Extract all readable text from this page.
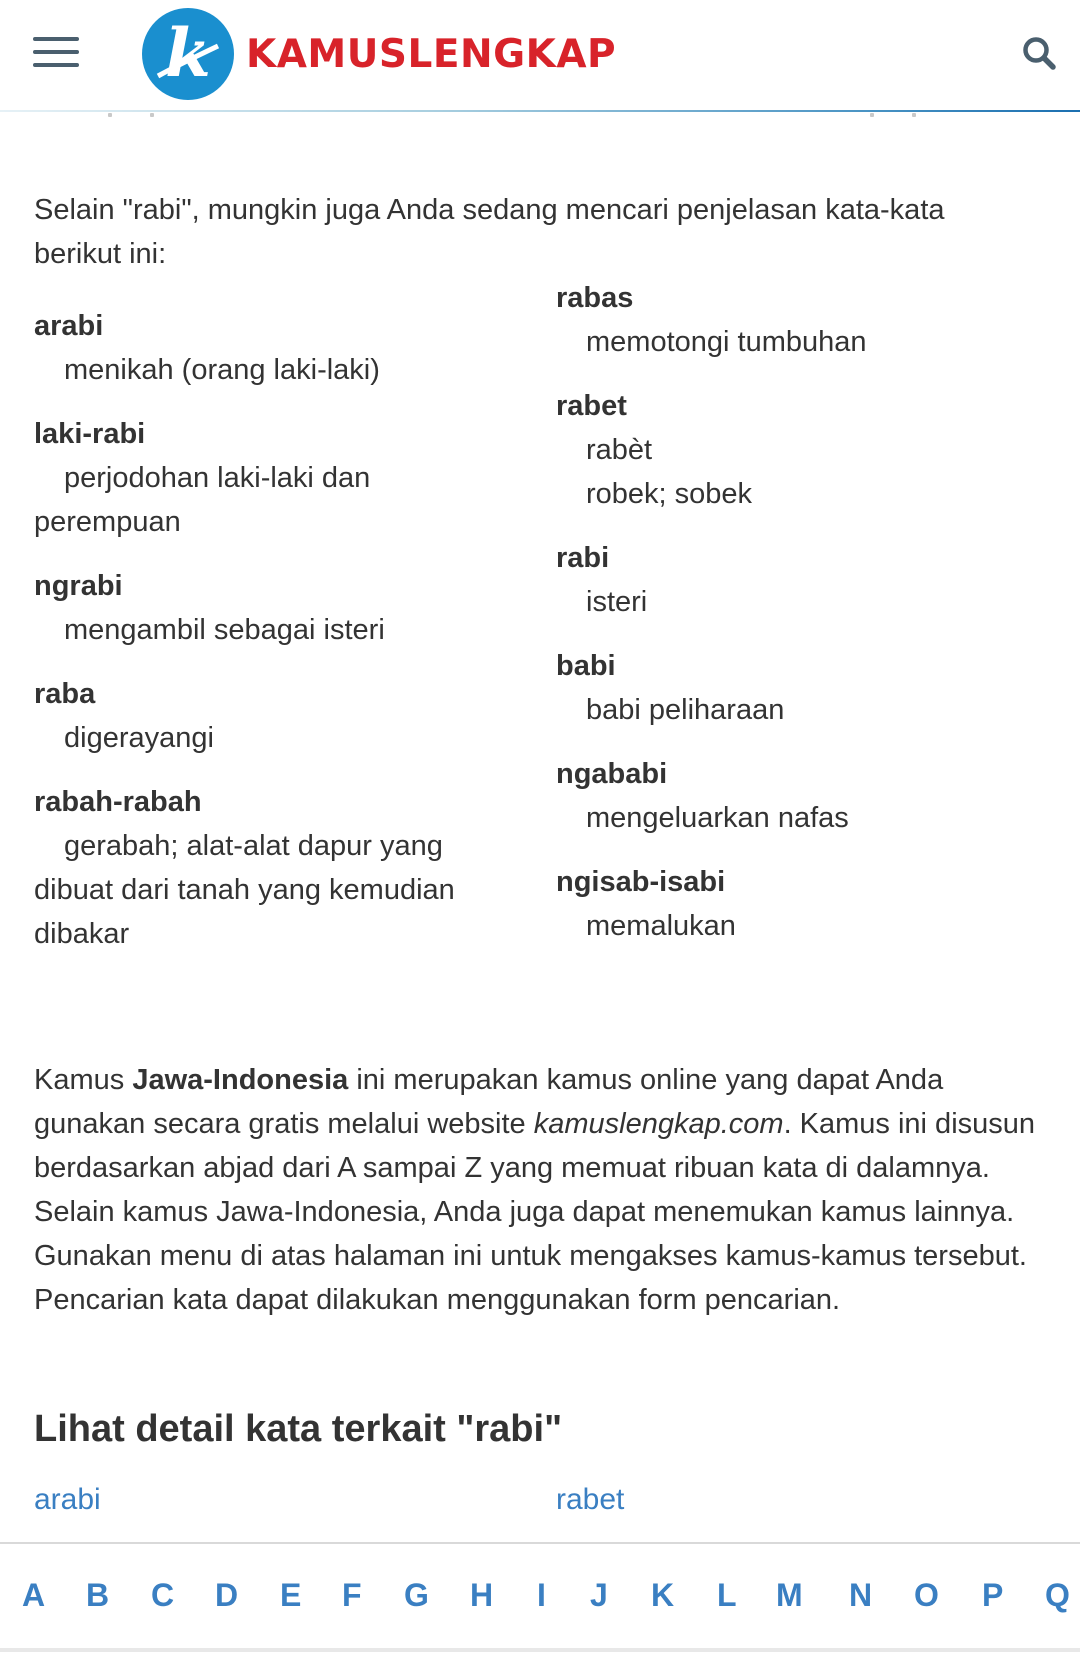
k KAMUSLENGKAP

Selain "rabi", mungkin juga Anda sedang mencari penjelasan kata-kata berikut ini:

arabi
menikah (orang laki-laki)
laki-rabi
perjodohan laki-laki dan perempuan
ngrabi
mengambil sebagai isteri
raba
digerayangi
rabah-rabah
gerabah; alat-alat dapur yang dibuat dari tanah yang kemudian dibakar
rabas
memotongi tumbuhan
rabet
rabèt
robek; sobek
rabi
isteri
babi
babi peliharaan
ngababi
mengeluarkan nafas
ngisab-isabi
memalukan

Kamus Jawa-Indonesia ini merupakan kamus online yang dapat Anda gunakan secara gratis melalui website kamuslengkap.com. Kamus ini disusun berdasarkan abjad dari A sampai Z yang memuat ribuan kata di dalamnya. Selain kamus Jawa-Indonesia, Anda juga dapat menemukan kamus lainnya. Gunakan menu di atas halaman ini untuk mengakses kamus-kamus tersebut. Pencarian kata dapat dilakukan menggunakan form pencarian.

Lihat detail kata terkait "rabi"
arabi	rabet
A B C D E F G H I J K L M N O P Q
